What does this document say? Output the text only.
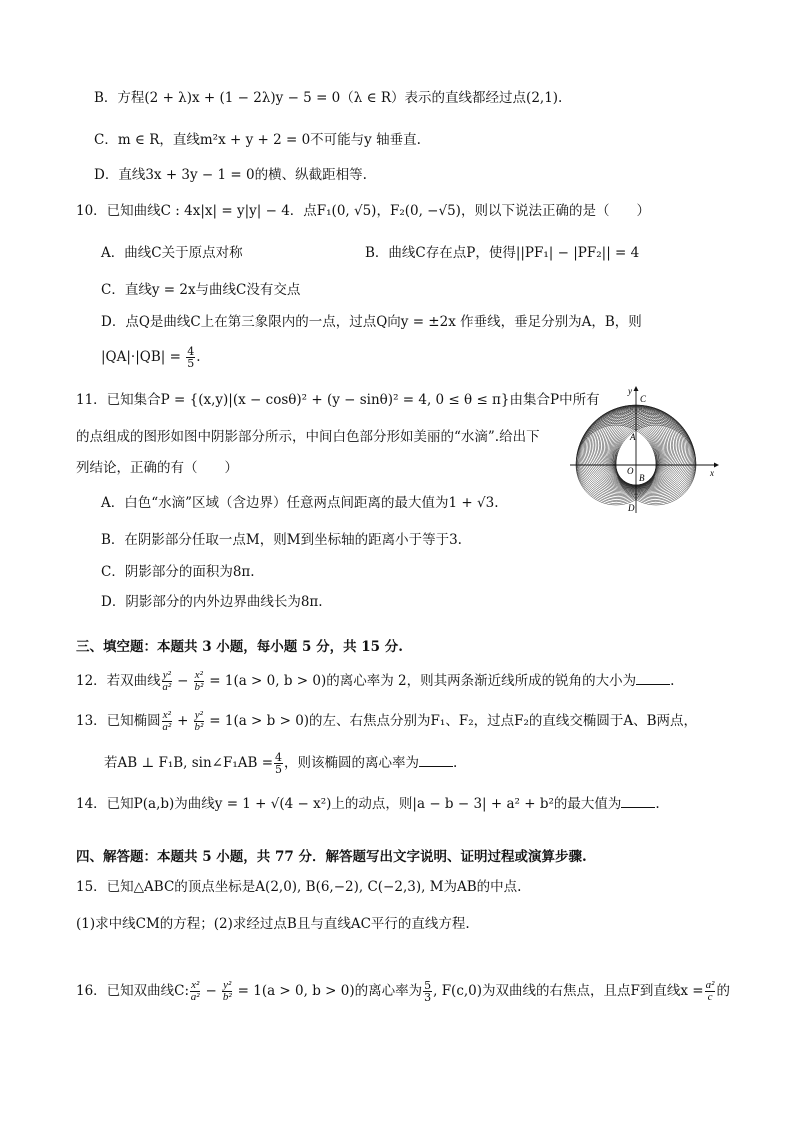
B．方程(2 + λ)x + (1 − 2λ)y − 5 = 0（λ ∈ R）表示的直线都经过点(2,1).
C．m ∈ R，直线m²x + y + 2 = 0不可能与y 轴垂直.
D．直线3x + 3y − 1 = 0的横、纵截距相等.
10．已知曲线C : 4x|x| = y|y| − 4．点F₁(0, √5)，F₂(0, −√5)，则以下说法正确的是（　　）
A．曲线C关于原点对称	B．曲线C存在点P，使得||PF₁| − |PF₂|| = 4
C．直线y = 2x与曲线C没有交点
D．点Q是曲线C上在第三象限内的一点，过点Q向y = ±2x 作垂线，垂足分别为A，B，则
$|QA|\cdot|QB| = \frac{4}{5}$ .
11．已知集合P = {(x,y)|(x − cosθ)² + (y − sinθ)² = 4, 0 ≤ θ ≤ π}由集合P中所有
的点组成的图形如图中阴影部分所示，中间白色部分形如美丽的“水滴”.给出下
列结论，正确的有（　　）
A．白色“水滴”区域（含边界）任意两点间距离的最大值为1 + √3.
B．在阴影部分任取一点M，则M到坐标轴的距离小于等于3.
C．阴影部分的面积为8π.
D．阴影部分的内外边界曲线长为8π.
y
x
C
A
O
B
D
三、填空题：本题共 3 小题，每小题 5 分，共 15 分.
12．若双曲线 $\frac{\text{y²}}{\text{a²}} - \frac{\text{x²}}{\text{b²}} = 1(a > 0$, b > 0)的离心率为 2，则其两条渐近线所成的锐角的大小为	.
13．已知椭圆 $\frac{\text{x²}}{\text{a²}} + \frac{\text{y²}}{\text{b²}} = 1(a > b > 0)$的左、右焦点分别为F₁、F₂，过点F₂的直线交椭圆于A、B两点，
若AB ⊥ F₁B, sin∠F₁AB = $\frac{4}{5}$ ，则该椭圆的离心率为	.
14．已知P(a,b)为曲线y = 1 + √(4 − x²)上的动点，则|a − b − 3| + a² + b²的最大值为	.
四、解答题：本题共 5 小题，共 77 分．解答题写出文字说明、证明过程或演算步骤.
15．已知△ABC的顶点坐标是A(2,0), B(6,−2), C(−2,3), M为AB的中点.
(1)求中线CM的方程；(2)求经过点B且与直线AC平行的直线方程.
16．已知双曲线C: $\frac{\text{x²}}{\text{a²}} - \frac{\text{y²}}{\text{b²}} = 1(a > 0$, b > 0)的离心率为 $\frac{5}{3}$ , F(c,0)为双曲线的右焦点，且点F到直线$x = \frac{\text{a²}}{c}$ 的
